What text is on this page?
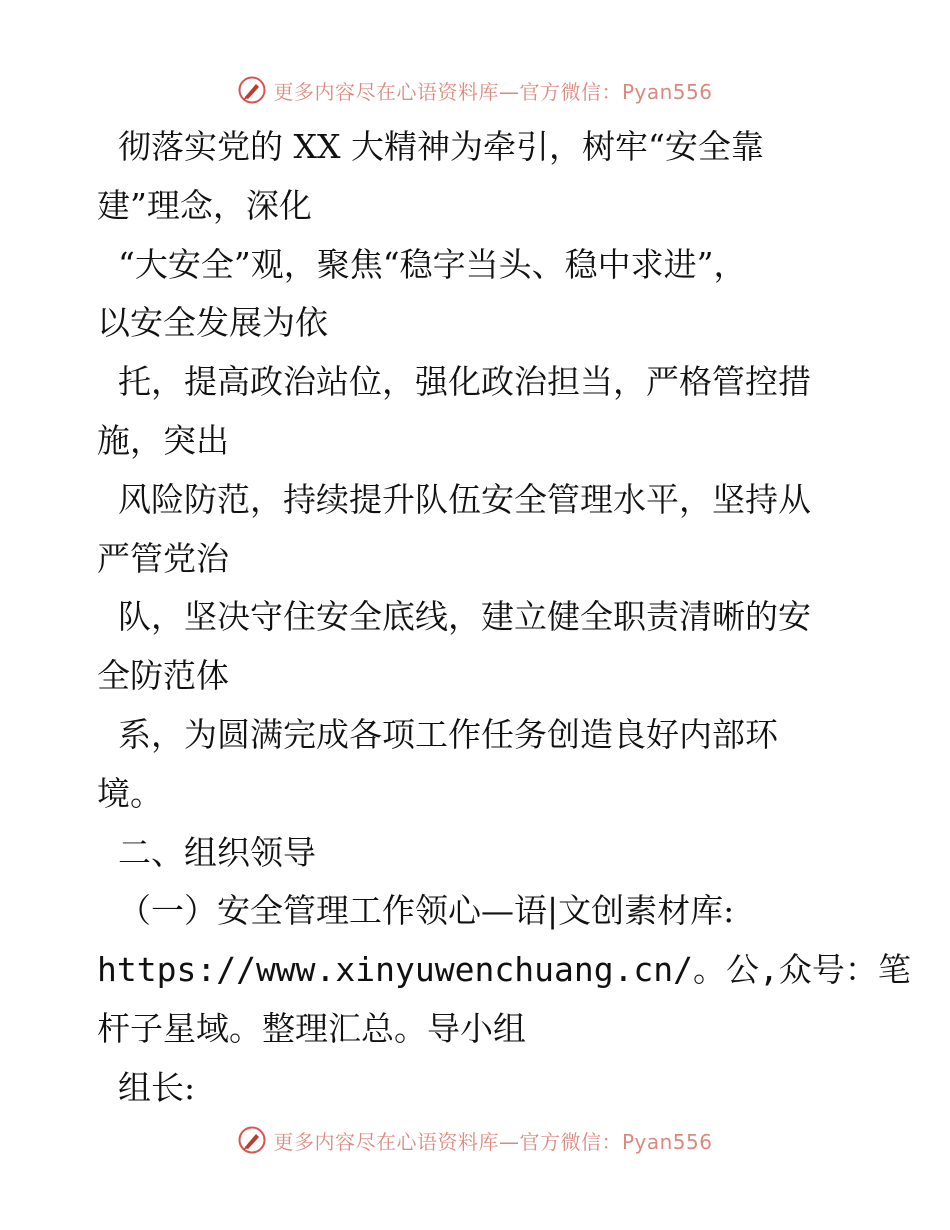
更多内容尽在心语资料库—官方微信：Pyan556
彻落实党的 XX 大精神为牵引，树牢“安全靠
建”理念，深化
“大安全”观，聚焦“稳字当头、稳中求进”，
以安全发展为依
托，提高政治站位，强化政治担当，严格管控措
施，突出
风险防范，持续提升队伍安全管理水平，坚持从
严管党治
队，坚决守住安全底线，建立健全职责清晰的安
全防范体
系，为圆满完成各项工作任务创造良好内部环
境。
二、组织领导
（一）安全管理工作领心—语|文创素材库:
https://www.xinyuwenchuang.cn/。公,众号：笔
杆子星域。整理汇总。导小组
组长:
更多内容尽在心语资料库—官方微信：Pyan556
